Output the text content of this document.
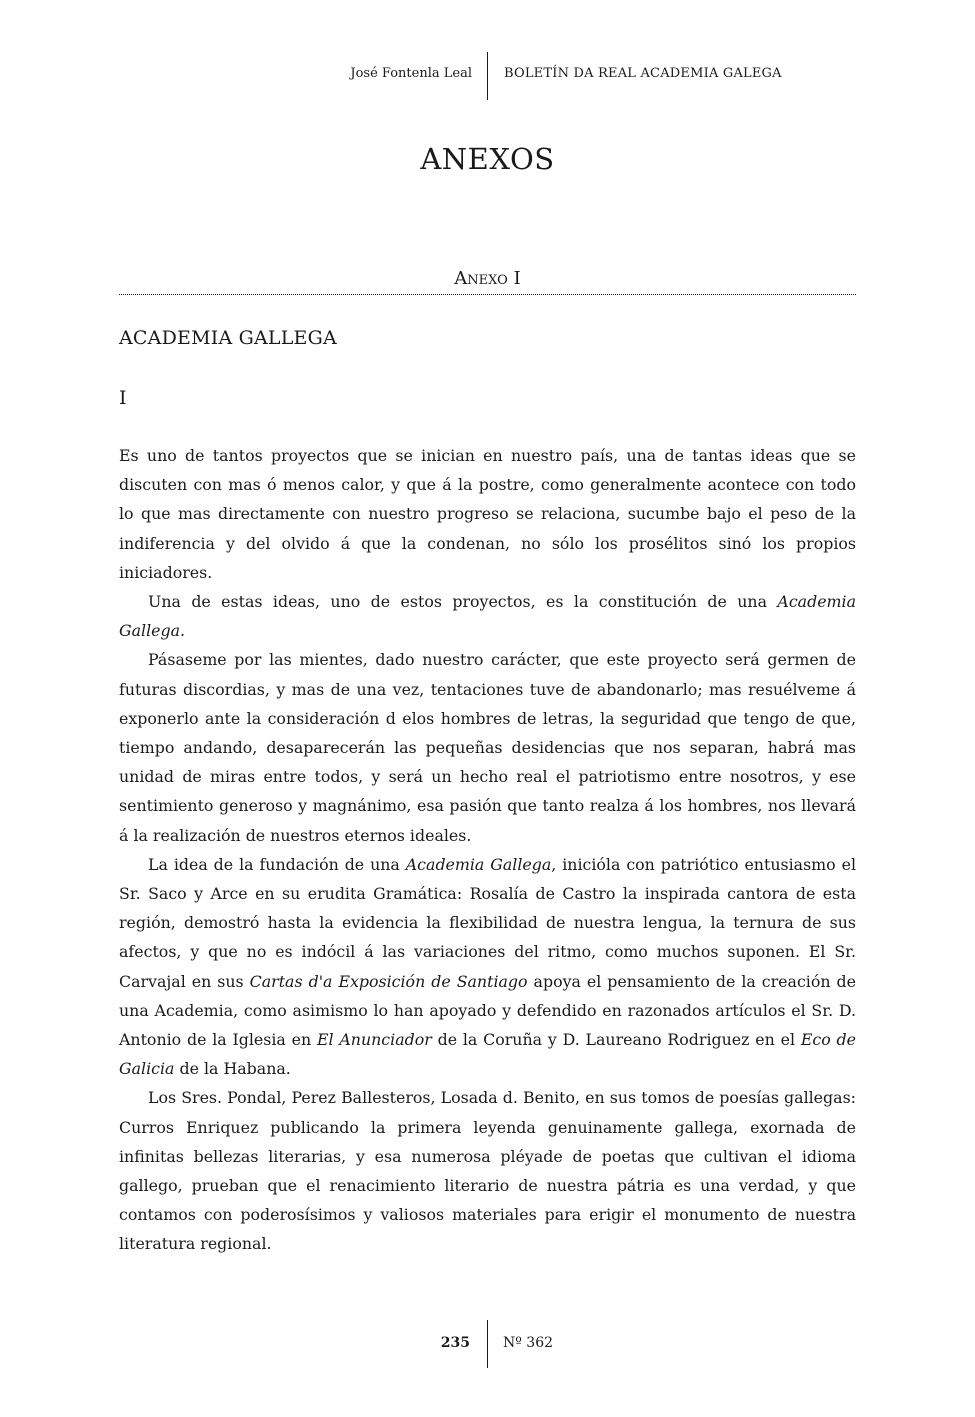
José Fontenla Leal BOLETÍN DA REAL ACADEMIA GALEGA
ANEXOS
Anexo I
ACADEMIA GALLEGA
I

Es uno de tantos proyectos que se inician en nuestro país, una de tantas ideas que se discuten con mas ó menos calor, y que á la postre, como generalmente acontece con todo lo que mas directamente con nuestro progreso se relaciona, sucumbe bajo el peso de la indiferencia y del olvido á que la condenan, no sólo los prosélitos sinó los propios iniciadores.

Una de estas ideas, uno de estos proyectos, es la constitución de una Academia Gallega.

Pásaseme por las mientes, dado nuestro carácter, que este proyecto será germen de futuras discordias, y mas de una vez, tentaciones tuve de abandonarlo; mas resuélveme á exponerlo ante la consideración d elos hombres de letras, la seguridad que tengo de que, tiempo andando, desaparecerán las pequeñas desidencias que nos separan, habrá mas unidad de miras entre todos, y será un hecho real el patriotismo entre nosotros, y ese sentimiento generoso y magnánimo, esa pasión que tanto realza á los hombres, nos llevará á la realización de nuestros eternos ideales.

La idea de la fundación de una Academia Gallega, inicióla con patriótico entusiasmo el Sr. Saco y Arce en su erudita Gramática: Rosalía de Castro la inspirada cantora de esta región, demostró hasta la evidencia la flexibilidad de nuestra lengua, la ternura de sus afectos, y que no es indócil á las variaciones del ritmo, como muchos suponen. El Sr. Carvajal en sus Cartas d'a Exposición de Santiago apoya el pensamiento de la creación de una Academia, como asimismo lo han apoyado y defendido en razonados artículos el Sr. D. Antonio de la Iglesia en El Anunciador de la Coruña y D. Laureano Rodriguez en el Eco de Galicia de la Habana.

Los Sres. Pondal, Perez Ballesteros, Losada d. Benito, en sus tomos de poesías gallegas: Curros Enriquez publicando la primera leyenda genuinamente gallega, exornada de infinitas bellezas literarias, y esa numerosa pléyade de poetas que cultivan el idioma gallego, prueban que el renacimiento literario de nuestra pátria es una verdad, y que contamos con poderosísimos y valiosos materiales para erigir el monumento de nuestra literatura regional.

235 Nº 362
